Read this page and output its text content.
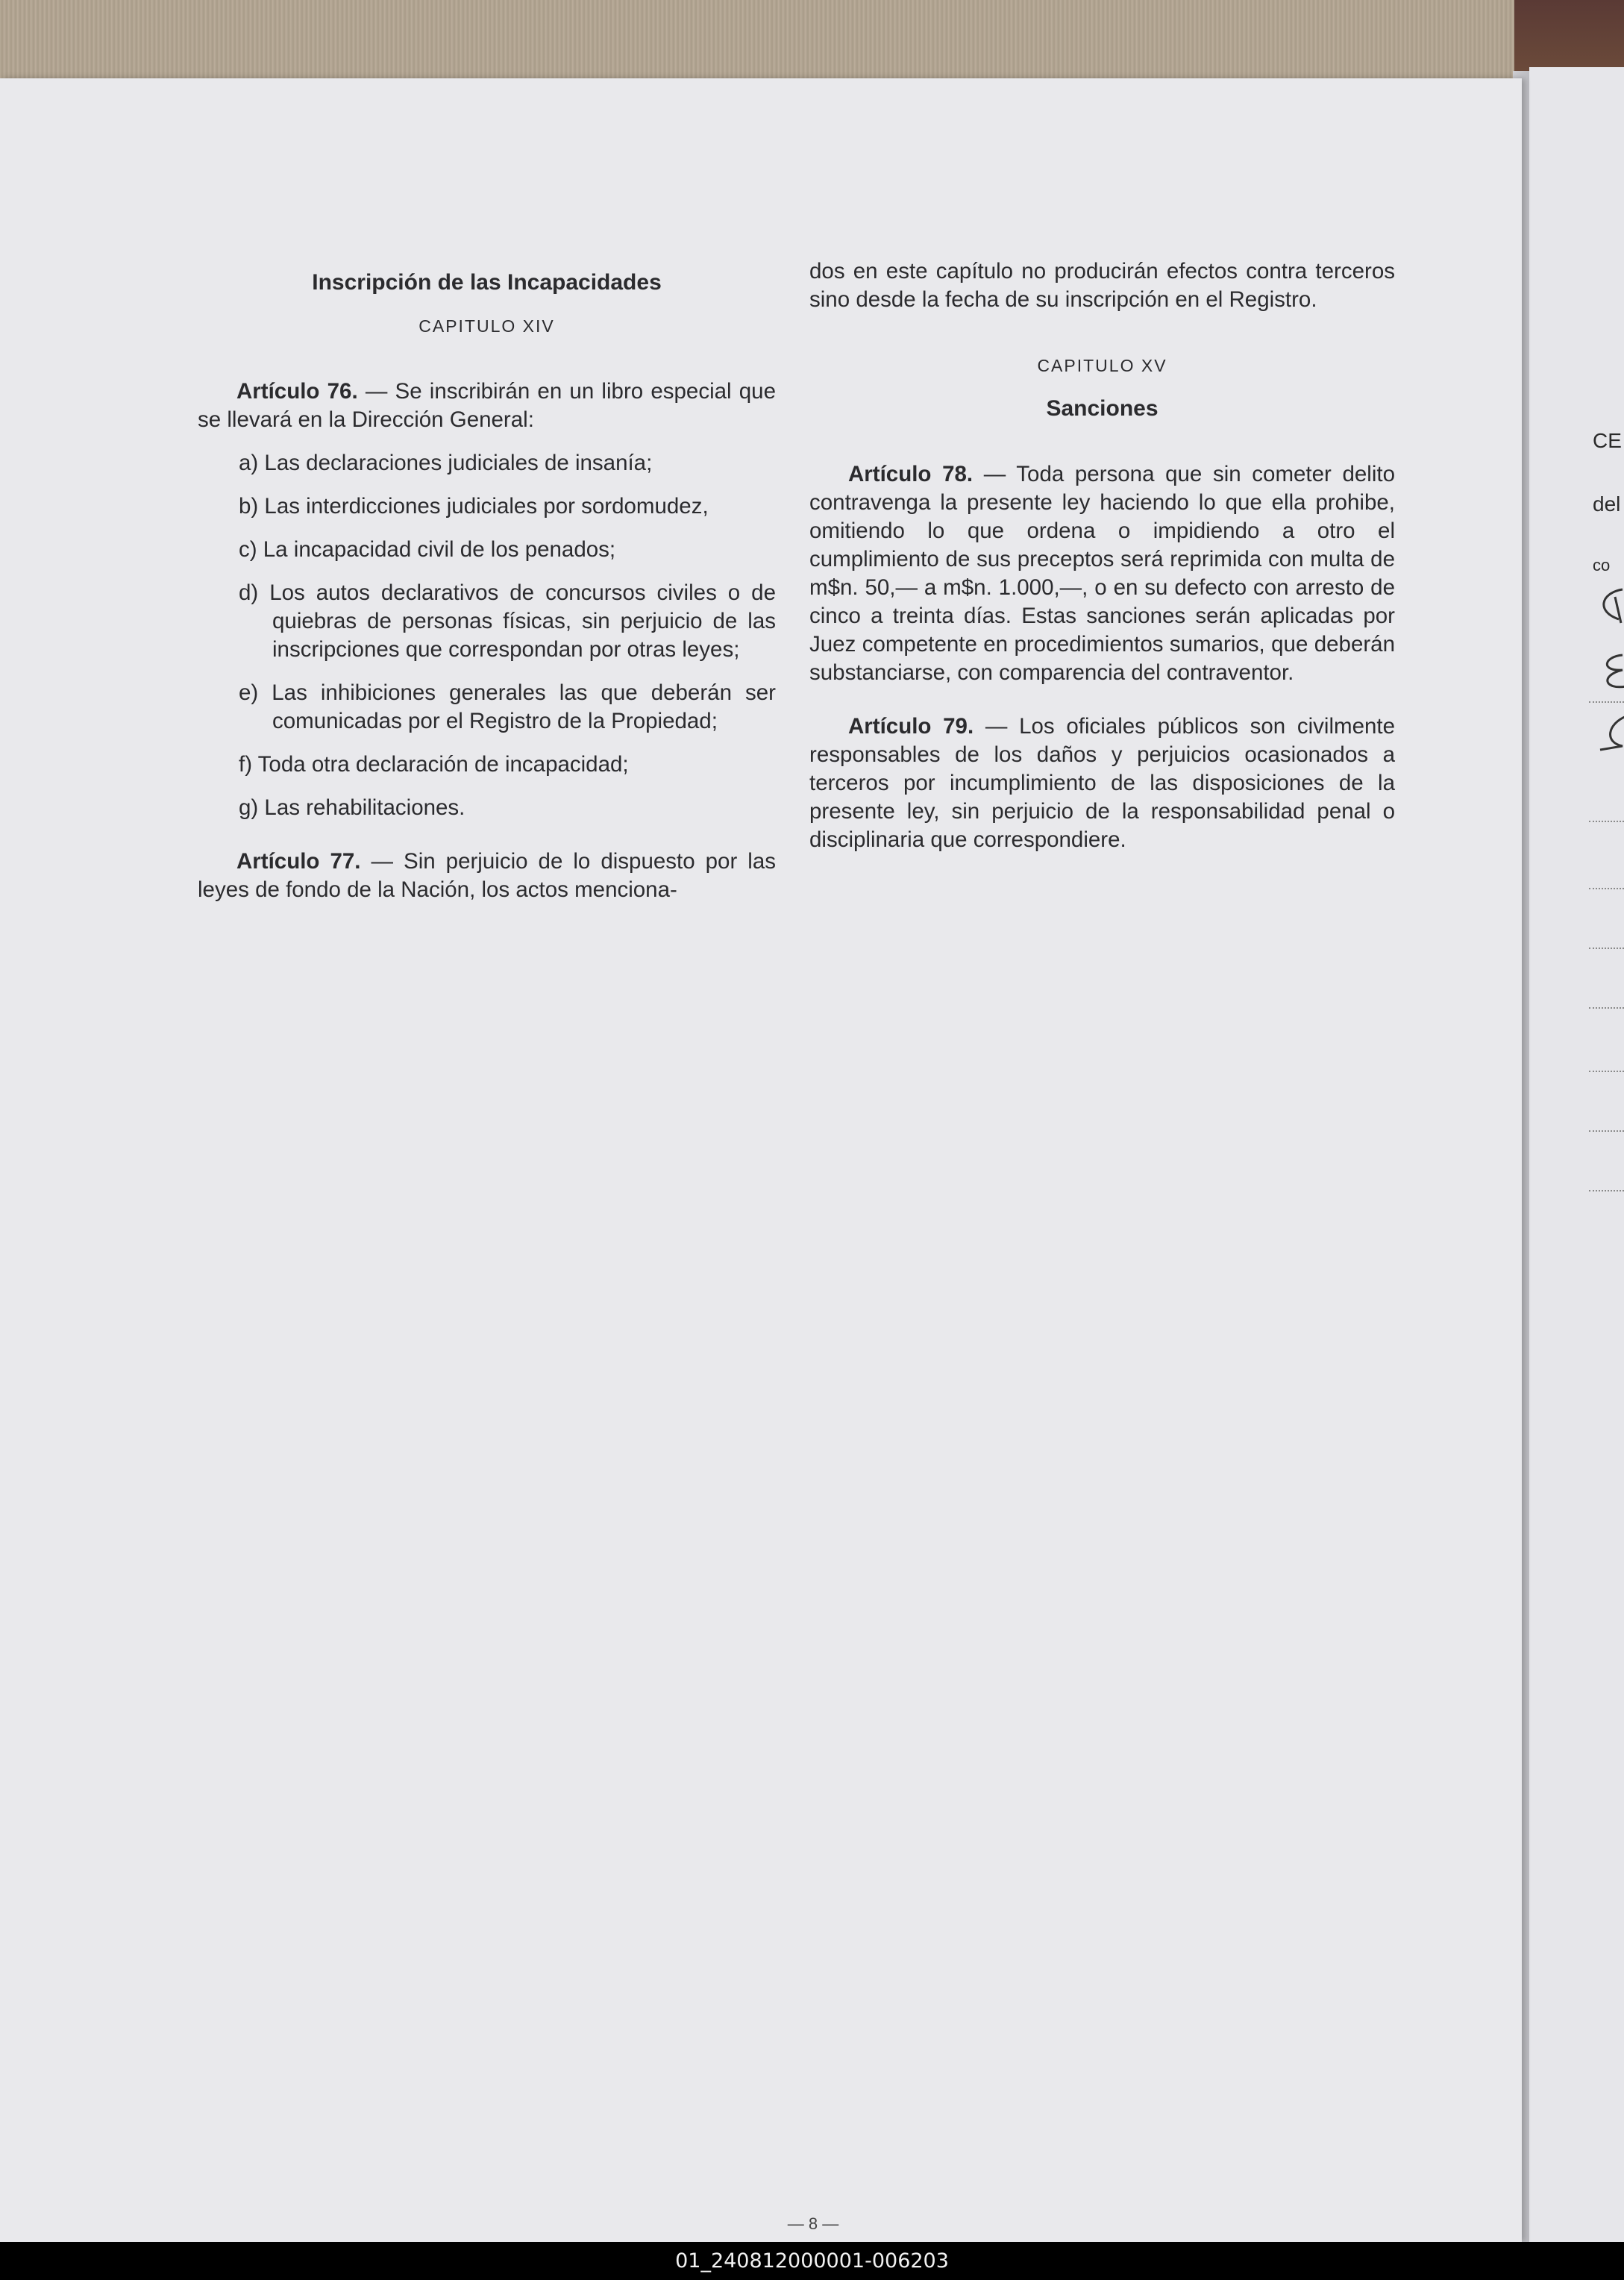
CE
del
co

Inscripción de las Incapacidades

CAPITULO XIV

Artículo 76. — Se inscribirán en un libro especial que se llevará en la Dirección General:

a) Las declaraciones judiciales de insanía;

b) Las interdicciones judiciales por sordomudez,

c) La incapacidad civil de los penados;

d) Los autos declarativos de concursos civiles o de quiebras de personas físicas, sin perjuicio de las inscripciones que correspondan por otras leyes;

e) Las inhibiciones generales las que deberán ser comunicadas por el Registro de la Propiedad;

f) Toda otra declaración de incapacidad;

g) Las rehabilitaciones.

Artículo 77. — Sin perjuicio de lo dispuesto por las leyes de fondo de la Nación, los actos menciona-

dos en este capítulo no producirán efectos contra terceros sino desde la fecha de su inscripción en el Registro.

CAPITULO XV

Sanciones

Artículo 78. — Toda persona que sin cometer delito contravenga la presente ley haciendo lo que ella prohibe, omitiendo lo que ordena o impidiendo a otro el cumplimiento de sus preceptos será reprimida con multa de m$n. 50,— a m$n. 1.000,—, o en su defecto con arresto de cinco a treinta días. Estas sanciones serán aplicadas por Juez competente en procedimientos sumarios, que deberán substanciarse, con comparencia del contraventor.

Artículo 79. — Los oficiales públicos son civilmente responsables de los daños y perjuicios ocasionados a terceros por incumplimiento de las disposiciones de la presente ley, sin perjuicio de la responsabilidad penal o disciplinaria que correspondiere.

— 8 —
01_240812000001-006203
